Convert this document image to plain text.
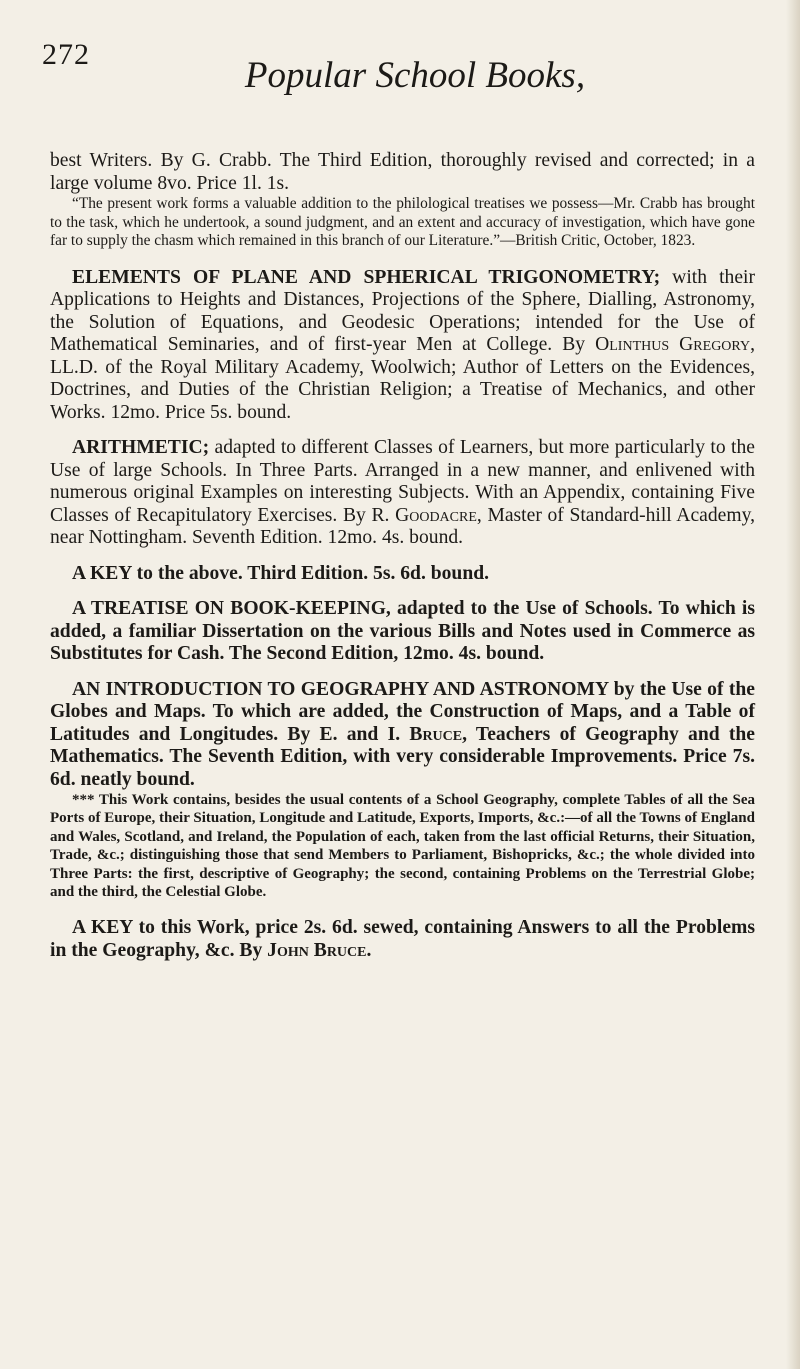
272
Popular School Books,

best Writers. By G. Crabb. The Third Edition, thoroughly revised and corrected; in a large volume 8vo. Price 1l. 1s.

“The present work forms a valuable addition to the philological treatises we possess—Mr. Crabb has brought to the task, which he undertook, a sound judgment, and an extent and accuracy of investigation, which have gone far to supply the chasm which remained in this branch of our Literature.”—British Critic, October, 1823.

ELEMENTS OF PLANE AND SPHERICAL TRIGONOMETRY; with their Applications to Heights and Distances, Projections of the Sphere, Dialling, Astronomy, the Solution of Equations, and Geodesic Operations; intended for the Use of Mathematical Seminaries, and of first-year Men at College. By Olinthus Gregory, LL.D. of the Royal Military Academy, Woolwich; Author of Letters on the Evidences, Doctrines, and Duties of the Christian Religion; a Treatise of Mechanics, and other Works. 12mo. Price 5s. bound.

ARITHMETIC; adapted to different Classes of Learners, but more particularly to the Use of large Schools. In Three Parts. Arranged in a new manner, and enlivened with numerous original Examples on interesting Subjects. With an Appendix, containing Five Classes of Recapitulatory Exercises. By R. Goodacre, Master of Standard-hill Academy, near Nottingham. Seventh Edition. 12mo. 4s. bound.

A KEY to the above. Third Edition. 5s. 6d. bound.

A TREATISE ON BOOK-KEEPING, adapted to the Use of Schools. To which is added, a familiar Dissertation on the various Bills and Notes used in Commerce as Substitutes for Cash. The Second Edition, 12mo. 4s. bound.

AN INTRODUCTION TO GEOGRAPHY AND ASTRONOMY by the Use of the Globes and Maps. To which are added, the Construction of Maps, and a Table of Latitudes and Longitudes. By E. and I. Bruce, Teachers of Geography and the Mathematics. The Seventh Edition, with very considerable Improvements. Price 7s. 6d. neatly bound.

*** This Work contains, besides the usual contents of a School Geography, complete Tables of all the Sea Ports of Europe, their Situation, Longitude and Latitude, Exports, Imports, &c.:—of all the Towns of England and Wales, Scotland, and Ireland, the Population of each, taken from the last official Returns, their Situation, Trade, &c.; distinguishing those that send Members to Parliament, Bishopricks, &c.; the whole divided into Three Parts: the first, descriptive of Geography; the second, containing Problems on the Terrestrial Globe; and the third, the Celestial Globe.

A KEY to this Work, price 2s. 6d. sewed, containing Answers to all the Problems in the Geography, &c. By John Bruce.
